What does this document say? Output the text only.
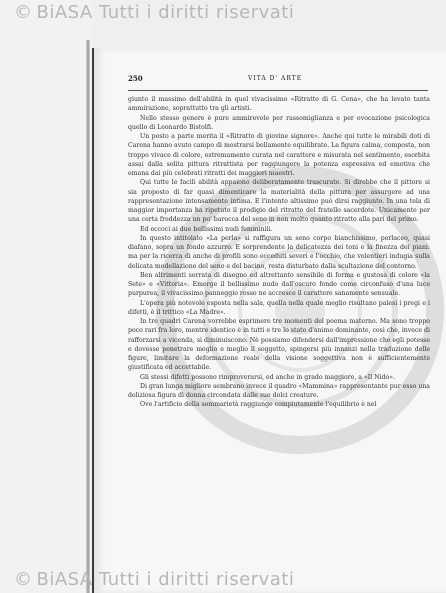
© BiASA Tutti i diritti riservati
250	VITA D' ARTE

giunto il massimo dell'abilità in quel vivacissimo «Ritratto di G. Cena», che ha levato tanta ammirazione, soprattutto tra gli artisti.

Nello stesso genere è pure ammirevole per rassomiglianza e per evocazione psicologica quello di Leonardo Bistolfi.

Un posto a parte merita il «Ritratto di giovine signore». Anche qui tutte le mirabili doti di Carena hanno avuto campo di mostrarsi bellamente equilibrate. La figura calma, composta, non troppo vivace di colore, estremamente curata nel carattere e misurata nel sentimento, esorbita assai dalla solita pittura ritrattista per raggiungere la potenza espressiva ed emotiva che emana dai più celebrati ritratti dei maggiori maestri.

Qui tutte le facili abilità appaiono deliberatamente trascurate. Si direbbe che il pittore si sia proposto di far quasi dimenticare la materialità della pittura per assurgere ad una rappresentazione intensamente intima. E l'intento altissimo può dirsi raggiunto. In una tela di maggior importanza ha ripetuto il prodigio del ritratto del fratello sacerdote. Unicamente per una certa freddezza un po' barocca del seno in non molto quanto ritratto alla pari del primo.

Ed eccoci ai due bellissimi nudi femminili.

In questo intitolato «La perla» si raffigura un seno corpo bianchissimo, perlaceo, quasi diafano, sopra un fondo azzurro. E sorprendente la delicatezza dei toni e la finezza dei piani: ma per la ricerca di anche di profili sono ecceduti severi e l'occhio, che volentieri indugia sulla delicata modellazione del seno e del bacino, resta disturbato dalla scultazione del contorno.

Ben altrimenti serrata di disegno ed altrettanto sensibile di forma e gustosa di colore «la Sete» e «Vittoria». Emerge il bellissimo nudo dall'oscuro fondo come circonfuso d'una luce purpurea, il vivacissimo panneggio rosso ne accresce il carattere sanamente sensuale.

L'opera più notevole esposta nella sala, quella nella quale meglio risultano palesi i pregi e i difetti, è il trittico «La Madre».

In tre quadri Carena vorrebbe esprimere tre momenti del poema materno. Ma sono troppo poco rari fra loro, mentre identico è in tutti e tre lo stato d'animo dominante, così che, invece di rafforzarsi a vicenda, si diminuiscono. Nè possiamo difendersi dall'impressione che egli potesse e dovesse penetrare meglio e meglio il soggetto, spingersi più innanzi nella traduzione delle figure, limitare la deformazione reale della visione soggettiva non è sufficientemente giustificata ed accettabile.

Gli stessi difetti possono rimproverarsi, ed anche in grado maggiore, a «Il Nido».

Di gran lunga migliore sembrano invece il quadro «Mammina» rappresentante pur esso una deliziosa figura di donna circondata dalle sue dolci creature.

Ove l'artificio della sommarietà raggiunge compiutamente l'equilibrio è nel

© BiASA Tutti i diritti riservati
